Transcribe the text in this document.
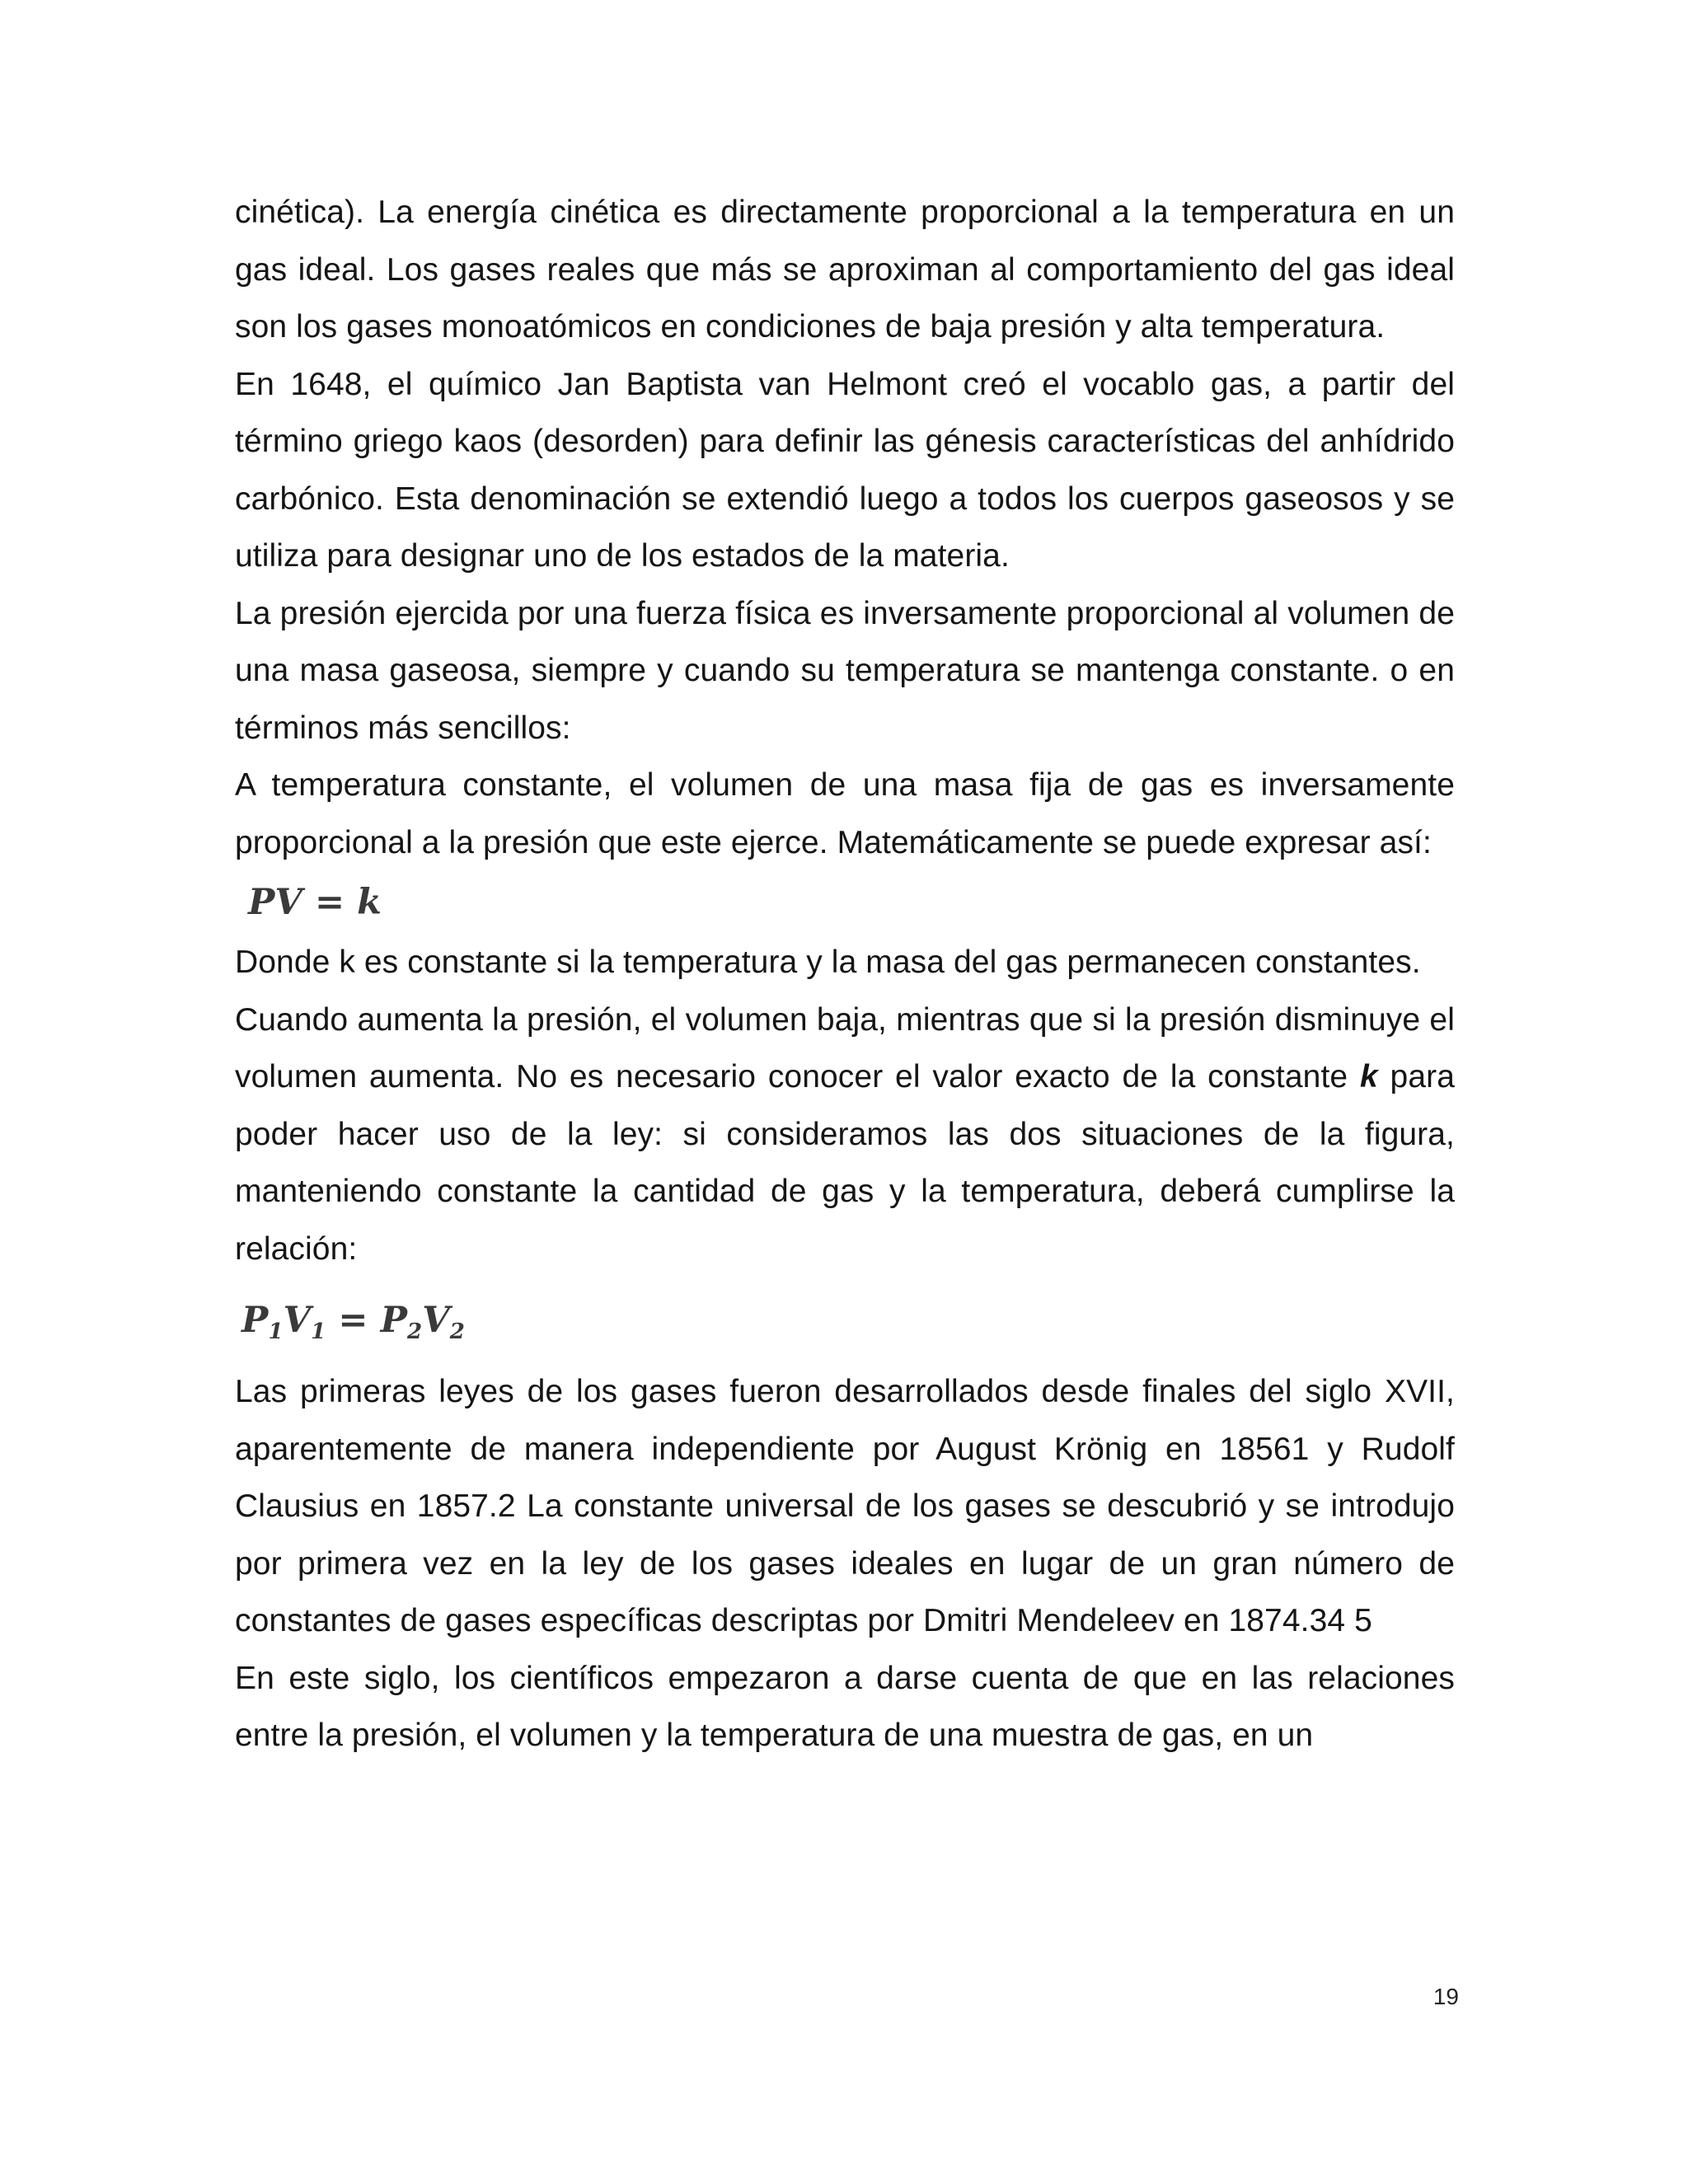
cinética). La energía cinética es directamente proporcional a la temperatura en un gas ideal. Los gases reales que más se aproximan al comportamiento del gas ideal son los gases monoatómicos en condiciones de baja presión y alta temperatura.

En 1648, el químico Jan Baptista van Helmont creó el vocablo gas, a partir del término griego kaos (desorden) para definir las génesis características del anhídrido carbónico. Esta denominación se extendió luego a todos los cuerpos gaseosos y se utiliza para designar uno de los estados de la materia.

La presión ejercida por una fuerza física es inversamente proporcional al volumen de una masa gaseosa, siempre y cuando su temperatura se mantenga constante. o en términos más sencillos:

A temperatura constante, el volumen de una masa fija de gas es inversamente proporcional a la presión que este ejerce. Matemáticamente se puede expresar así:

PV = k

Donde k es constante si la temperatura y la masa del gas permanecen constantes.

Cuando aumenta la presión, el volumen baja, mientras que si la presión disminuye el volumen aumenta. No es necesario conocer el valor exacto de la constante k para poder hacer uso de la ley: si consideramos las dos situaciones de la figura, manteniendo constante la cantidad de gas y la temperatura, deberá cumplirse la relación:

$P_1V_1 = P_2V_2$

Las primeras leyes de los gases fueron desarrollados desde finales del siglo XVII, aparentemente de manera independiente por August Krönig en 18561 y Rudolf Clausius en 1857.2 La constante universal de los gases se descubrió y se introdujo por primera vez en la ley de los gases ideales en lugar de un gran número de constantes de gases específicas descriptas por Dmitri Mendeleev en 1874.34 5

En este siglo, los científicos empezaron a darse cuenta de que en las relaciones entre la presión, el volumen y la temperatura de una muestra de gas, en un

19
